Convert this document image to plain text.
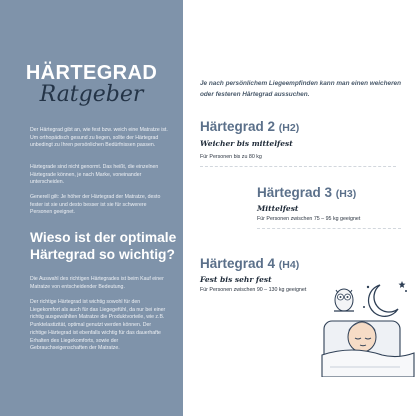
HÄRTEGRAD
Ratgeber

Der Härtegrad gibt an, wie fest bzw. weich eine Matratze ist. Um orthopädisch gesund zu liegen, sollte der Härtegrad unbedingt zu Ihren persönlichen Bedürfnissen passen.

Härtegrade sind nicht genormt. Das heißt, die einzelnen Härtegrade können, je nach Marke, voneinander unterscheiden.

Generell gilt: Je höher der Härtegrad der Matratze, desto fester ist sie und desto besser ist sie für schwerere Personen geeignet.

Wieso ist der optimale Härtegrad so wichtig?

Die Auswahl des richtigen Härtegrades ist beim Kauf einer Matratze von entscheidender Bedeutung.

Der richtige Härtegrad ist wichtig sowohl für den Liegekomfort als auch für das Liegegefühl, da nur bei einer richtig ausgewählten Matratze die Produktvorteile, wie z.B. Punktelastizität, optimal genutzt werden können. Der richtige Härtegrad ist ebenfalls wichtig für das dauerhafte Erhalten des Liegekomforts, sowie der Gebrauchseigenschaften der Matratze.

Je nach persönlichem Liegeempfinden kann man einen weicheren oder festeren Härtegrad aussuchen.
Härtegrad 2 (H2)
Weicher bis mittelfest
Für Personen bis zu 80 kg
Härtegrad 3 (H3)
Mittelfest
Für Personen zwischen 75 – 95 kg geeignet
Härtegrad 4 (H4)
Fest bis sehr fest
Für Personen zwischen 90 – 130 kg geeignet
